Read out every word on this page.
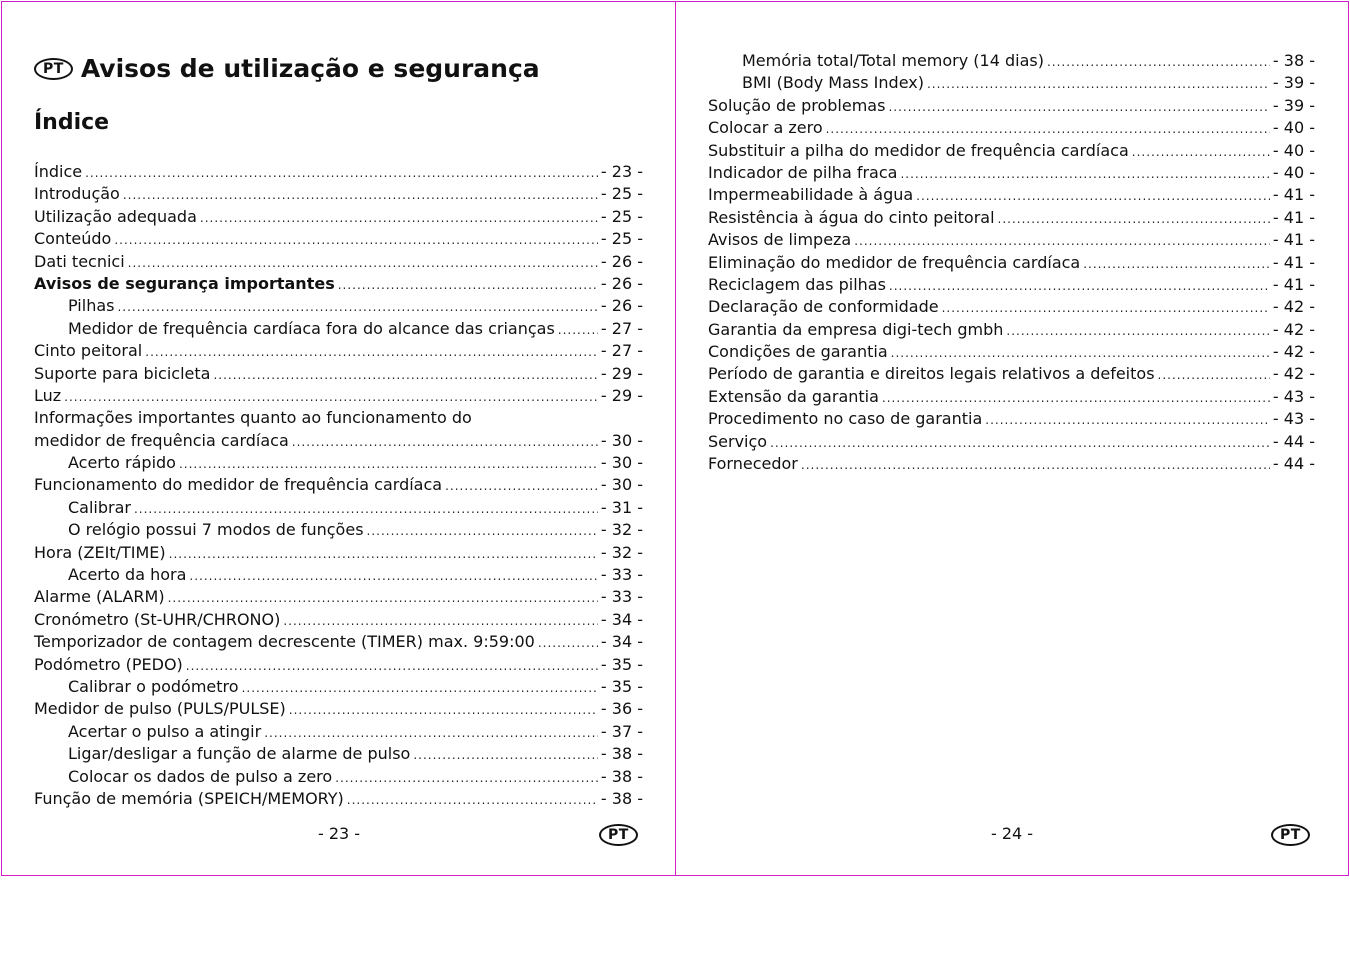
PT Avisos de utilização e segurança
Índice
Índice .....	- 23 -
Introdução .....	- 25 -
Utilização adequada .....	- 25 -
Conteúdo .....	- 25 -
Dati tecnici .....	- 26 -
Avisos de segurança importantes .....	- 26 -
Pilhas .....	- 26 -
Medidor de frequência cardíaca fora do alcance das crianças .....	- 27 -
Cinto peitoral .....	- 27 -
Suporte para bicicleta .....	- 29 -
Luz .....	- 29 -
Informações importantes quanto ao funcionamento do
medidor de frequência cardíaca .....	- 30 -
Acerto rápido .....	- 30 -
Funcionamento do medidor de frequência cardíaca .....	- 30 -
Calibrar .....	- 31 -
O relógio possui 7 modos de funções .....	- 32 -
Hora (ZEIt/TIME) .....	- 32 -
Acerto da hora .....	- 33 -
Alarme (ALARM) .....	- 33 -
Cronómetro (St-UHR/CHRONO) .....	- 34 -
Temporizador de contagem decrescente (TIMER) max. 9:59:00 .....	- 34 -
Podómetro (PEDO) .....	- 35 -
Calibrar o podómetro .....	- 35 -
Medidor de pulso (PULS/PULSE) .....	- 36 -
Acertar o pulso a atingir .....	- 37 -
Ligar/desligar a função de alarme de pulso .....	- 38 -
Colocar os dados de pulso a zero .....	- 38 -
Função de memória (SPEICH/MEMORY) .....	- 38 -
- 23 -	PT
Memória total/Total memory (14 dias) .....	- 38 -
BMI (Body Mass Index) .....	- 39 -
Solução de problemas .....	- 39 -
Colocar a zero .....	- 40 -
Substituir a pilha do medidor de frequência cardíaca .....	- 40 -
Indicador de pilha fraca .....	- 40 -
Impermeabilidade à água .....	- 41 -
Resistência à água do cinto peitoral .....	- 41 -
Avisos de limpeza .....	- 41 -
Eliminação do medidor de frequência cardíaca .....	- 41 -
Reciclagem das pilhas .....	- 41 -
Declaração de conformidade .....	- 42 -
Garantia da empresa digi-tech gmbh .....	- 42 -
Condições de garantia .....	- 42 -
Período de garantia e direitos legais relativos a defeitos .....	- 42 -
Extensão da garantia .....	- 43 -
Procedimento no caso de garantia .....	- 43 -
Serviço .....	- 44 -
Fornecedor .....	- 44 -
- 24 -	PT
